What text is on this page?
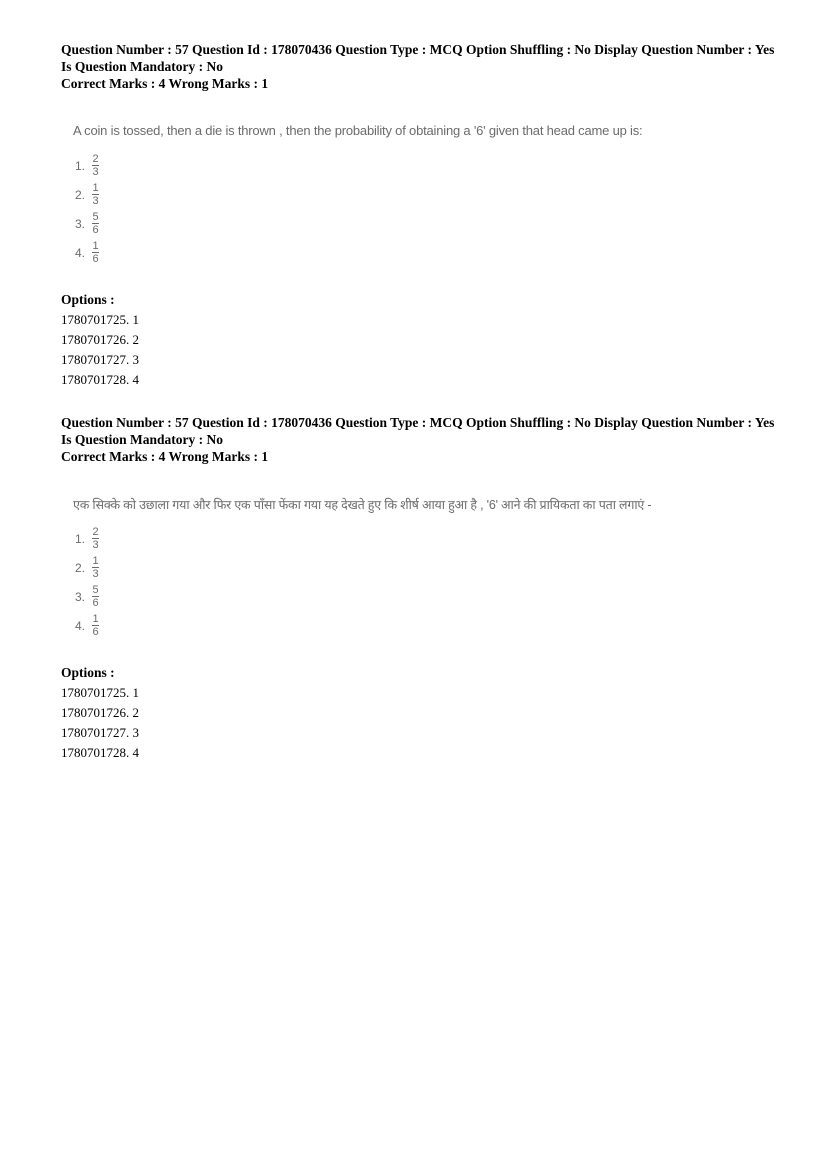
Question Number : 57 Question Id : 178070436 Question Type : MCQ Option Shuffling : No Display Question Number : Yes
Is Question Mandatory : No
Correct Marks : 4 Wrong Marks : 1
A coin is tossed, then a die is thrown , then the probability of obtaining a '6' given that head came up is:
1. $\frac{2}{3}$
2. $\frac{1}{3}$
3. $\frac{5}{6}$
4. $\frac{1}{6}$
Options :
1780701725. 1
1780701726. 2
1780701727. 3
1780701728. 4
Question Number : 57 Question Id : 178070436 Question Type : MCQ Option Shuffling : No Display Question Number : Yes
Is Question Mandatory : No
Correct Marks : 4 Wrong Marks : 1
एक सिक्के को उछाला गया और फिर एक पाँसा फेंका गया यह देखते हुए कि शीर्ष आया हुआ है , '6' आने की प्रायिकता का पता लगाएं -
1. $\frac{2}{3}$
2. $\frac{1}{3}$
3. $\frac{5}{6}$
4. $\frac{1}{6}$
Options :
1780701725. 1
1780701726. 2
1780701727. 3
1780701728. 4
